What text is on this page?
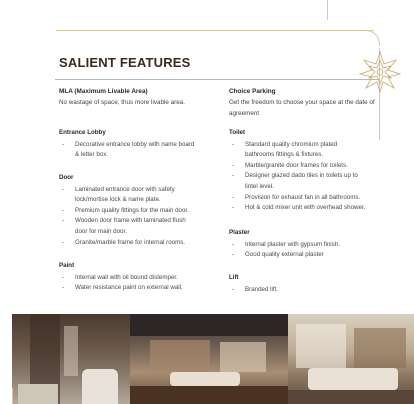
SALIENT FEATURES
MLA (Maximum Livable Area)
No wastage of space, thus more livable area.
Choice Parking
Get the freedom to choose your space at the date of agreement
Entrance Lobby
- Decorative entrance lobby with name board
& letter box.
Door
- Laminated entrance door with safety
lock/mortise lock & name plate.
- Premium quality fittings for the main door.
- Wooden door frame with laminated flush
door for main door.
- Granite/marble frame for internal rooms.
Paint
- Internal wall with oil bound distemper.
- Water resistance paint on external wall.
Toilet
- Standard quality chromium plated
bathrooms fittings & fixtures.
- Marble/granite door frames for toilets.
- Designer glazed dado tiles in toilets up to
lintel level.
- Provision for exhaust fan in all bathrooms.
- Hot & cold mixer unit with overhead shower.
Plaster
- Internal plaster with gypsum finish.
- Good quality external plaster
Lift
- Branded lift.
